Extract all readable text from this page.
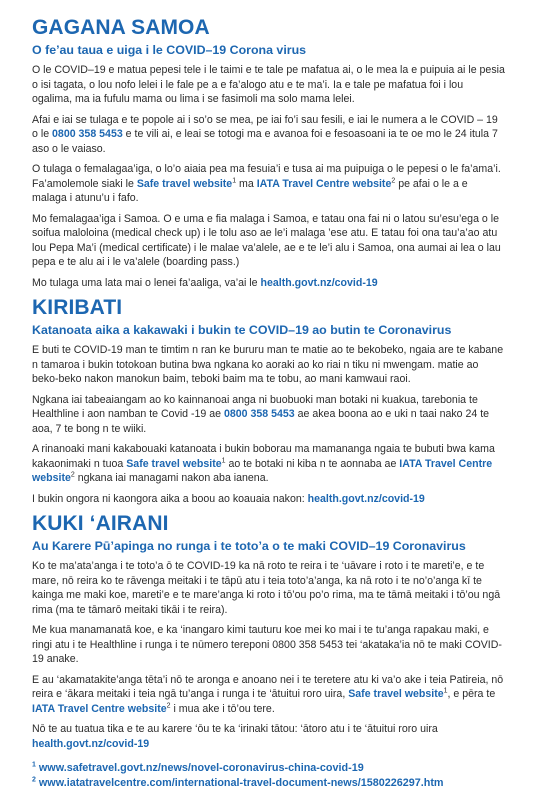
GAGANA SAMOA
O fe’au taua e uiga i le COVID–19 Corona virus

O le COVID–19 e matua pepesi tele i le taimi e te tale pe mafatua ai, o le mea la e puipuia ai le pesia o isi tagata, o lou nofo lelei i le fale pe a e fa’alogo atu e te ma’i. Ia e tale pe mafatua foi i lou ogalima, ma ia fufulu mama ou lima i se fasimoli ma solo mama lelei.

Afai e iai se tulaga e te popole ai i so’o se mea, pe iai fo’i sau fesili, e iai le numera a le COVID – 19 o le 0800 358 5453 e te vili ai, e leai se totogi ma e avanoa foi e fesoasoani ia te oe mo le 24 itula 7 aso o le vaiaso.

O tulaga o femalagaa’iga, o lo’o aiaia pea ma fesuia’i e tusa ai ma puipuiga o le pepesi o le fa’ama’i. Fa’amolemole siaki le Safe travel website$^1$ ma IATA Travel Centre website$^2$ pe afai o le a e malaga i atunu’u i fafo.

Mo femalagaa’iga i Samoa. O e uma e fia malaga i Samoa, e tatau ona fai ni o latou su’esu’ega o le soifua maloloina (medical check up) i le tolu aso ae le’i malaga ’ese atu. E tatau foi ona tau’a’ao atu lou Pepa Ma’i (medical certificate) i le malae va’alele, ae e te le’i alu i Samoa, ona aumai ai lea o lau pepa e te alu ai i le va’alele (boarding pass.)

Mo tulaga uma lata mai o lenei fa’aaliga, va’ai le health.govt.nz/covid-19

KIRIBATI
Katanoata aika a kakawaki i bukin te COVID–19 ao butin te Coronavirus

E buti te COVID-19 man te timtim n ran ke bururu man te matie ao te bekobeko, ngaia are te kabane n tamaroa i bukin totokoan butina bwa ngkana ko aoraki ao ko riai n tiku ni mwengam. matie ao beko-beko nakon manokun baim, teboki baim ma te tobu, ao mani kamwaui raoi.

Ngkana iai tabeaiangam ao ko kainnanoai anga ni buobuoki man botaki ni kuakua, tarebonia te Healthline i aon namban te Covid -19 ae 0800 358 5453 ae akea boona ao e uki n taai nako 24 te aoa, 7 te bong n te wiiki.

A rinanoaki mani kakabouaki katanoata i bukin boborau ma mamananga ngaia te bubuti bwa kama kakaonimaki n tuoa Safe travel website$^1$ ao te botaki ni kiba n te aonnaba ae IATA Travel Centre website$^2$ ngkana iai managami nakon aba ianena.

I bukin ongora ni kaongora aika a boou ao koauaia nakon: health.govt.nz/covid-19

KUKI ‘AIRANI
Au Karere Pū’apinga no runga i te toto’a o te maki COVID–19 Coronavirus

Ko te ma’ata’anga i te toto’a ō te COVID-19 ka nā roto te reira i te ‘uāvare i roto i te mareti’e, e te mare, nō reira ko te rāvenga meitaki i te tāpū atu i teia toto’a’anga, ka nā roto i te no’o’anga kī te kainga me maki koe, mareti’e e te mare’anga ki roto i tō’ou po’o rima, ma te tāmā meitaki i tō’ou ngā rima (ma te tāmarō meitaki tikāi i te reira).

Me kua manamanatā koe, e ka ‘inangaro kimi tauturu koe mei ko mai i te tu’anga rapakau maki, e ringi atu i te Healthline i runga i te nūmero tereponi 0800 358 5453 tei ‘akataka’ia nō te maki COVID-19 anake.

E au ‘akamatakite’anga tēta’i nō te aronga e anoano nei i te teretere atu ki va’o ake i teia Patireia, nō reira e ‘ākara meitaki i teia ngā tu’anga i runga i te ‘ātuitui roro uira, Safe travel website$^1$, e pēra te IATA Travel Centre website$^2$ i mua ake i tō’ou tere.

Nō te au tuatua tika e te au karere ‘ōu te ka ‘irinaki tātou: ‘ātoro atu i te ‘ātuitui roro uira health.govt.nz/covid-19

$^1$ www.safetravel.govt.nz/news/novel-coronavirus-china-covid-19
$^2$ www.iatatravelcentre.com/international-travel-document-news/1580226297.htm
